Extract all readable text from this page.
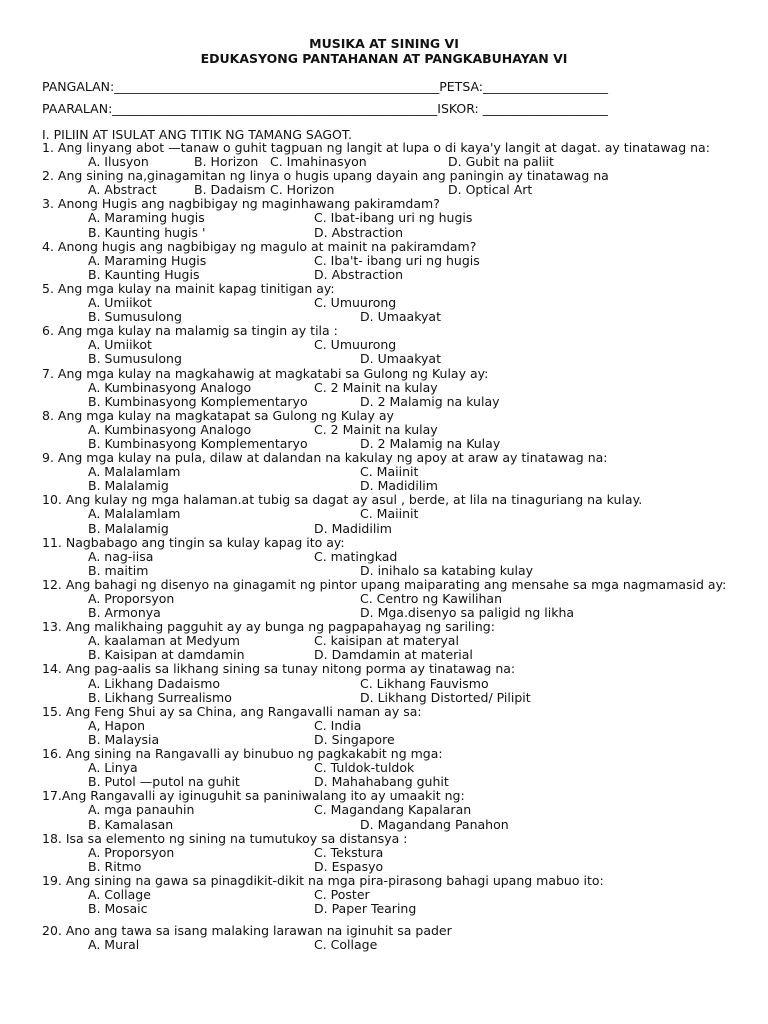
MUSIKA AT SINING VI
EDUKASYONG PANTAHANAN AT PANGKABUHAYAN VI
PANGALAN:____________________________________________________PETSA:____________________
PAARALAN:____________________________________________________ISKOR: ____________________
I. PILIIN AT ISULAT ANG TITIK NG TAMANG SAGOT.
1. Ang linyang abot —tanaw o guhit tagpuan ng langit at lupa o di kaya'y langit at dagat. ay tinatawag na:
A. Ilusyon	B. Horizon C. Imahinasyon	D. Gubit na paliit
2. Ang sining na,ginagamitan ng linya o hugis upang dayain ang paningin ay tinatawag na
A. Abstract	B. Dadaism C. Horizon	D. Optical Art
3. Anong Hugis ang nagbibigay ng maginhawang pakiramdam?
A. Maraming hugis	C. Ibat-ibang uri ng hugis
B. Kaunting hugis '	D. Abstraction
4. Anong hugis ang nagbibigay ng magulo at mainit na pakiramdam?
A. Maraming Hugis	C. Iba't- ibang uri ng hugis
B. Kaunting Hugis	D. Abstraction
5. Ang mga kulay na mainit kapag tinitigan ay:
A. Umiikot	C. Umuurong
B. Sumusulong	D. Umaakyat
6. Ang mga kulay na malamig sa tingin ay tila :
A. Umiikot	C. Umuurong
B. Sumusulong	D. Umaakyat
7. Ang mga kulay na magkahawig at magkatabi sa Gulong ng Kulay ay:
A. Kumbinasyong Analogo	C. 2 Mainit na kulay
B. Kumbinasyong Komplementaryo	D. 2 Malamig na kulay
8. Ang mga kulay na magkatapat sa Gulong ng Kulay ay
A. Kumbinasyong Analogo	C. 2 Mainit na kulay
B. Kumbinasyong Komplementaryo	D. 2 Malamig na Kulay
9. Ang mga kulay na pula, dilaw at dalandan na kakulay ng apoy at araw ay tinatawag na:
A. Malalamlam	C. Maiinit
B. Malalamig	D. Madidilim
10. Ang kulay ng mga halaman.at tubig sa dagat ay asul , berde, at lila na tinaguriang na kulay.
A. Malalamlam	C. Maiinit
B. Malalamig	D. Madidilim
11. Nagbabago ang tingin sa kulay kapag ito ay:
A. nag-iisa	C. matingkad
B. maitim	D. inihalo sa katabing kulay
12. Ang bahagi ng disenyo na ginagamit ng pintor upang maiparating ang mensahe sa mga nagmamasid ay:
A. Proporsyon	C. Centro ng Kawilihan
B. Armonya	D. Mga.disenyo sa paligid ng likha
13. Ang malikhaing pagguhit ay ay bunga ng pagpapahayag ng sariling:
A. kaalaman at Medyum	C. kaisipan at materyal
B. Kaisipan at damdamin	D. Damdamin at material
14. Ang pag-aalis sa likhang sining sa tunay nitong porma ay tinatawag na:
A. Likhang Dadaismo	C. Likhang Fauvismo
B. Likhang Surrealismo	D. Likhang Distorted/ Pilipit
15. Ang Feng Shui ay sa China, ang Rangavalli naman ay sa:
A, Hapon	C. India
B. Malaysia	D. Singapore
16. Ang sining na Rangavalli ay binubuo ng pagkakabit ng mga:
A. Linya	C. Tuldok-tuldok
B. Putol —putol na guhit	D. Mahahabang guhit
17.Ang Rangavalli ay iginuguhit sa paniniwalang ito ay umaakit ng:
A. mga panauhin	C. Magandang Kapalaran
B. Kamalasan	D. Magandang Panahon
18. Isa sa elemento ng sining na tumutukoy sa distansya :
A. Proporsyon	C. Tekstura
B. Ritmo	D. Espasyo
19. Ang sining na gawa sa pinagdikit-dikit na mga pira-pirasong bahagi upang mabuo ito:
A. Collage	C. Poster
B. Mosaic	D. Paper Tearing
20. Ano ang tawa sa isang malaking larawan na iginuhit sa pader
A. Mural	C. Collage
